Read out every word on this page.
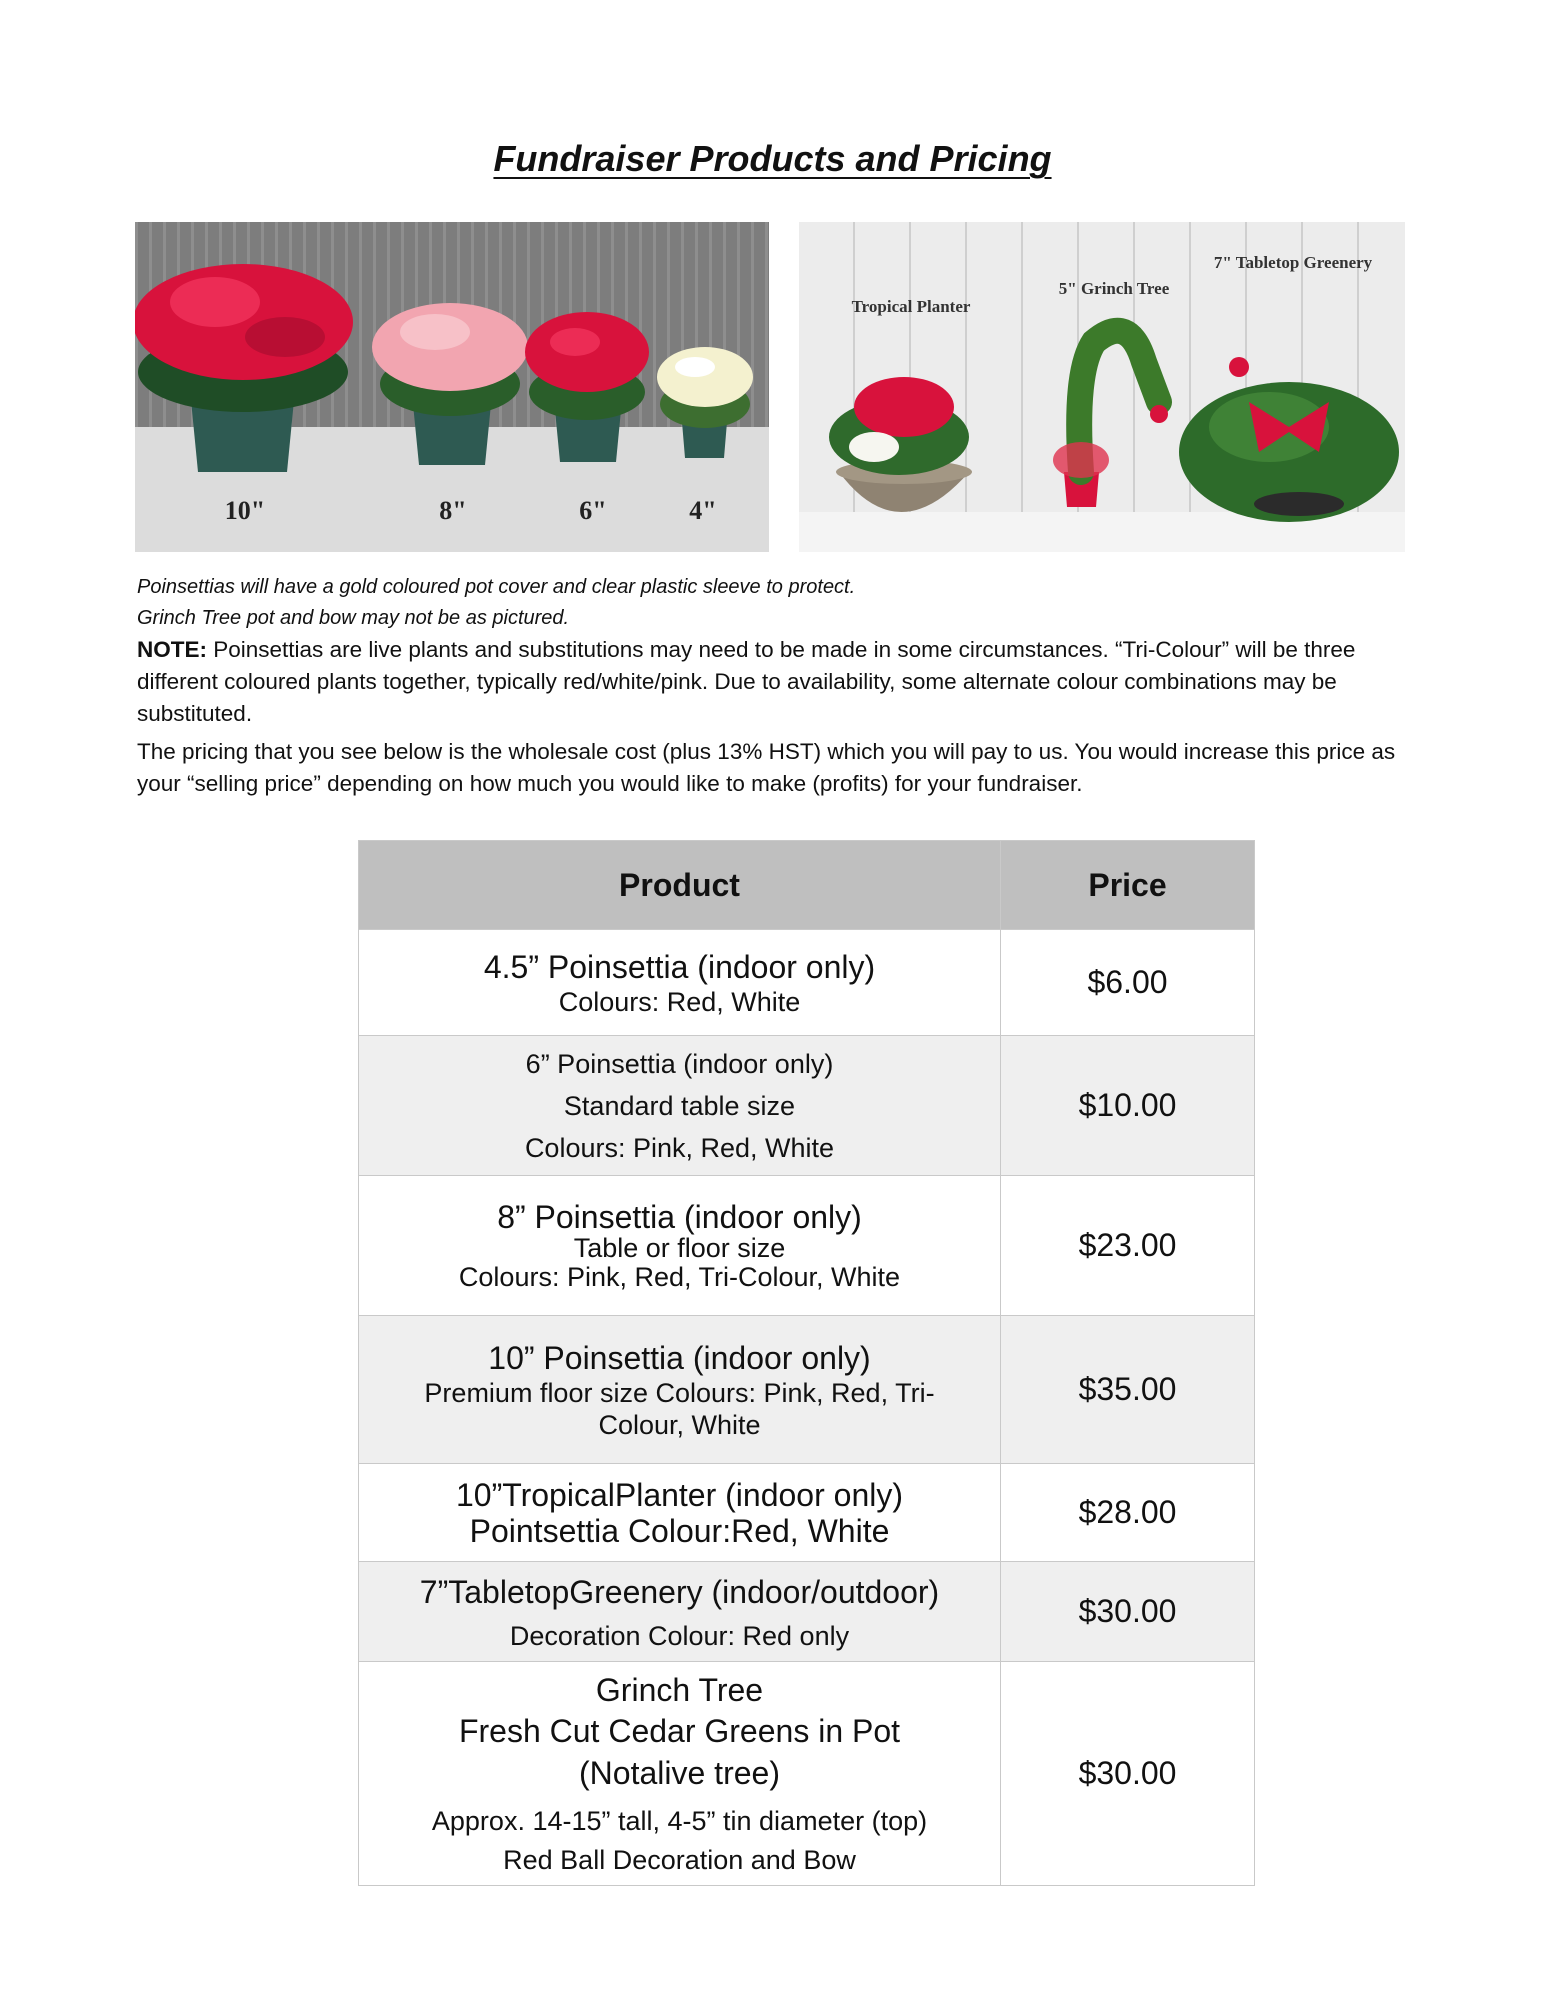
Fundraiser Products and Pricing
10"	8"	6"	4"
Tropical Planter
5" Grinch Tree
7" Tabletop Greenery

Poinsettias will have a gold coloured pot cover and clear plastic sleeve to protect.

Grinch Tree pot and bow may not be as pictured.

NOTE: Poinsettias are live plants and substitutions may need to be made in some circumstances. “Tri-Colour” will be three different coloured plants together, typically red/white/pink. Due to availability, some alternate colour combinations may be substituted.

The pricing that you see below is the wholesale cost (plus 13% HST) which you will pay to us. You would increase this price as your “selling price” depending on how much you would like to make (profits) for your fundraiser.

Product	Price

4.5” Poinsettia (indoor only)
Colours: Red, White	$6.00

6” Poinsettia (indoor only)
Standard table size
Colours: Pink, Red, White	$10.00

8” Poinsettia (indoor only)
Table or floor size
Colours: Pink, Red, Tri-Colour, White	$23.00

10” Poinsettia (indoor only)
Premium floor size Colours: Pink, Red, Tri-Colour, White	$35.00

10”TropicalPlanter (indoor only)
Pointsettia Colour:Red, White	$28.00

7”TabletopGreenery (indoor/outdoor)
Decoration Colour: Red only	$30.00

Grinch Tree
Fresh Cut Cedar Greens in Pot
(Notalive tree)
Approx. 14-15” tall, 4-5” tin diameter (top)
Red Ball Decoration and Bow	$30.00
